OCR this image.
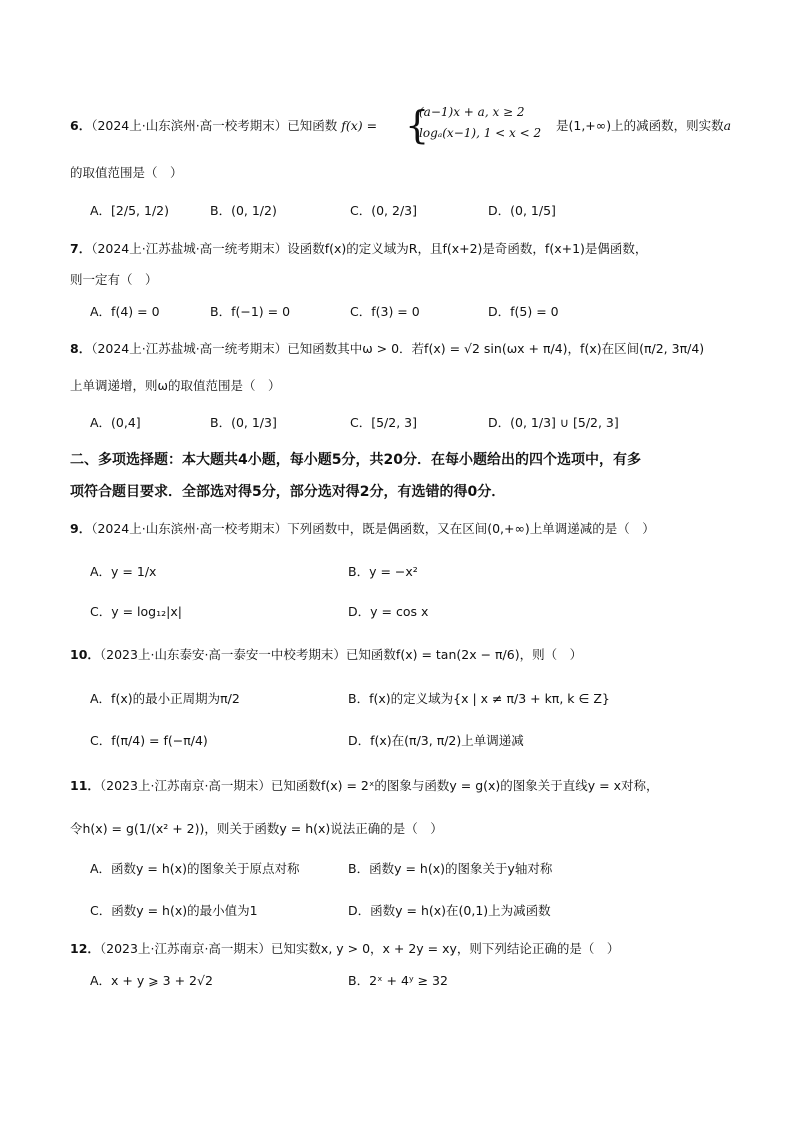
6．（2024上·山东滨州·高一校考期末）已知函数 f(x) = {
(a−1)x + a, x ≥ 2
logₐ(x−1), 1 < x < 2 是(1,+∞)上的减函数，则实数a
的取值范围是（　）
A．[2/5, 1/2)	B．(0, 1/2)	C．(0, 2/3]	D．(0, 1/5]
7．（2024上·江苏盐城·高一统考期末）设函数f(x)的定义域为R，且f(x+2)是奇函数，f(x+1)是偶函数，
则一定有（　）
A．f(4) = 0	B．f(−1) = 0	C．f(3) = 0	D．f(5) = 0
8．（2024上·江苏盐城·高一统考期末）已知函数其中ω > 0．若f(x) = √2 sin(ωx + π/4)，f(x)在区间(π/2, 3π/4)
上单调递增，则ω的取值范围是（　）
A．(0,4]	B．(0, 1/3]	C．[5/2, 3]	D．(0, 1/3] ∪ [5/2, 3]
二、多项选择题：本大题共4小题，每小题5分，共20分．在每小题给出的四个选项中，有多
项符合题目要求．全部选对得5分，部分选对得2分，有选错的得0分．
9．（2024上·山东滨州·高一校考期末）下列函数中，既是偶函数，又在区间(0,+∞)上单调递减的是（　）
A．y = 1/x	B．y = −x²
C．y = log₁₂|x|	D．y = cos x
10．（2023上·山东泰安·高一泰安一中校考期末）已知函数f(x) = tan(2x − π/6)，则（　）
A．f(x)的最小正周期为π/2	B．f(x)的定义域为{x | x ≠ π/3 + kπ, k ∈ Z}
C．f(π/4) = f(−π/4)	D．f(x)在(π/3, π/2)上单调递减
11．（2023上·江苏南京·高一期末）已知函数f(x) = 2ˣ的图象与函数y = g(x)的图象关于直线y = x对称，
令h(x) = g(1/(x² + 2))，则关于函数y = h(x)说法正确的是（　）
A．函数y = h(x)的图象关于原点对称	B．函数y = h(x)的图象关于y轴对称
C．函数y = h(x)的最小值为1	D．函数y = h(x)在(0,1)上为减函数
12．（2023上·江苏南京·高一期末）已知实数x, y > 0，x + 2y = xy，则下列结论正确的是（　）
A．x + y ⩾ 3 + 2√2	B．2ˣ + 4ʸ ≥ 32
